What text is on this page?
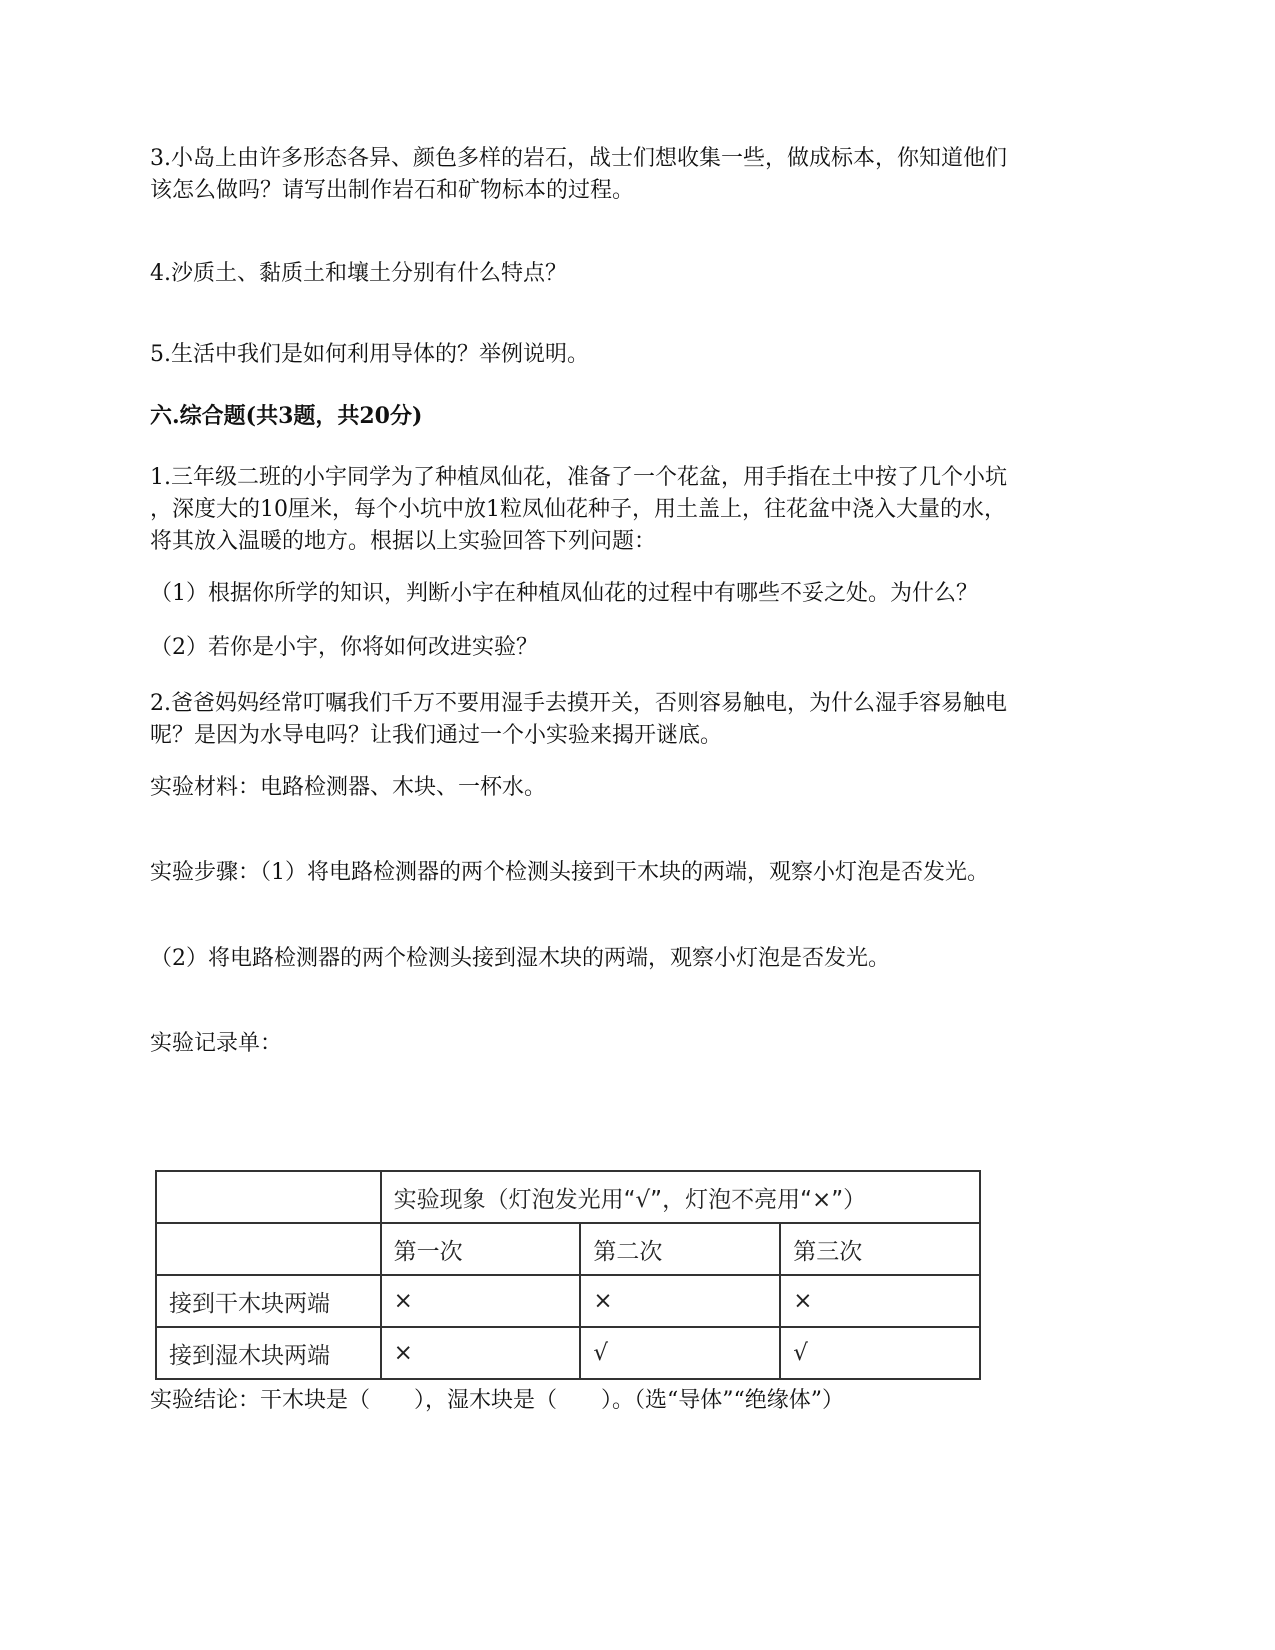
3.小岛上由许多形态各异、颜色多样的岩石，战士们想收集一些，做成标本，你知道他们
该怎么做吗？请写出制作岩石和矿物标本的过程。
4.沙质土、黏质土和壤土分别有什么特点？
5.生活中我们是如何利用导体的？举例说明。
六.综合题(共3题，共20分)
1.三年级二班的小宇同学为了种植凤仙花，准备了一个花盆，用手指在土中按了几个小坑
，深度大的10厘米，每个小坑中放1粒凤仙花种子，用土盖上，往花盆中浇入大量的水，
将其放入温暖的地方。根据以上实验回答下列问题：
（1）根据你所学的知识，判断小宇在种植凤仙花的过程中有哪些不妥之处。为什么？
（2）若你是小宇，你将如何改进实验？
2.爸爸妈妈经常叮嘱我们千万不要用湿手去摸开关，否则容易触电，为什么湿手容易触电
呢？是因为水导电吗？让我们通过一个小实验来揭开谜底。
实验材料：电路检测器、木块、一杯水。
实验步骤：（1）将电路检测器的两个检测头接到干木块的两端，观察小灯泡是否发光。
（2）将电路检测器的两个检测头接到湿木块的两端，观察小灯泡是否发光。
实验记录单：
	实验现象（灯泡发光用“√”，灯泡不亮用“×”）		
	第一次	第二次	第三次
接到干木块两端	×	×	×
接到湿木块两端	×	√	√
实验结论：干木块是（　　），湿木块是（　　）。（选“导体”“绝缘体”）
